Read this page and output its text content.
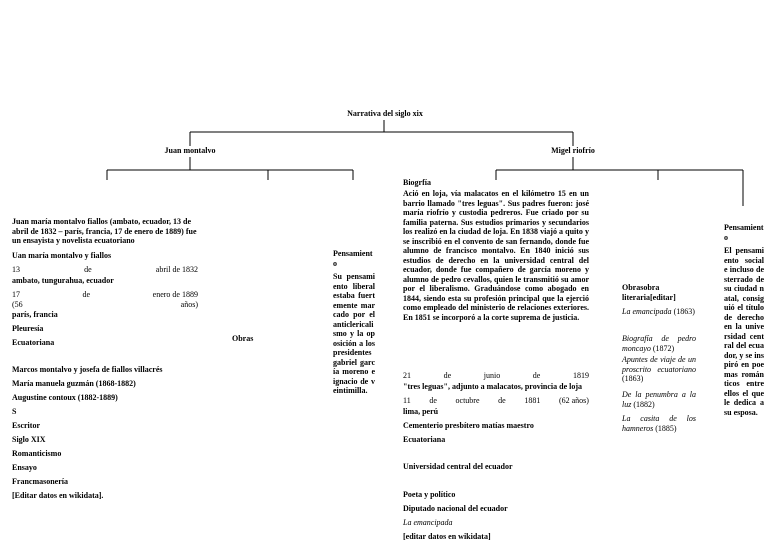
Narrativa del siglo xix
Juan montalvo	Migel riofrío
Juan maría montalvo fiallos (ambato, ecuador, 13 de abril de 1832 – parís, francia, 17 de enero de 1889) fue un ensayista y novelista ecuatoriano
Uan maría montalvo y fiallos
13	de	abril de 1832
ambato, tungurahua, ecuador
17	de	enero de 1889
(56	años)
parís, francia
Pleuresía
Ecuatoriana
Marcos montalvo y josefa de fiallos villacrés
María manuela guzmán (1868-1882)
Augustine contoux (1882-1889)
S
Escritor
Siglo XIX
Romanticismo
Ensayo
Francmasonería
[Editar datos en wikidata].
Obras
Pensamiento
Su pensamiento liberal estaba fuertemente marcado por el anticlericalismo y la oposición a los presidentes gabriel garcía moreno e ignacio de veintimilla.
Biogrfía
Ació en loja, vía malacatos en el kilómetro 15 en un barrio llamado "tres leguas". Sus padres fueron: josé maría riofrío y custodia pedreros. Fue criado por su familia paterna. Sus estudios primarios y secundarios los realizó en la ciudad de loja. En 1838 viajó a quito y se inscribió en el convento de san fernando, donde fue alumno de francisco montalvo. En 1840 inició sus estudios de derecho en la universidad central del ecuador, donde fue compañero de garcía moreno y alumno de pedro cevallos, quien le transmitió su amor por el liberalismo. Graduándose como abogado en 1844, siendo esta su profesión principal que la ejerció como empleado del ministerio de relaciones exteriores. En 1851 se incorporó a la corte suprema de justicia.
21	de	junio	de	1819
"tres leguas", adjunto a malacatos, provincia de loja
11 de octubre de 1881 (62 años)
lima, perú
Cementerio presbítero matías maestro
Ecuatoriana
Universidad central del ecuador
Poeta y político
Diputado nacional del ecuador
La emancipada
[editar datos en wikidata]
Obrasobra literaria[editar]
La emancipada (1863)
Biografía de pedro moncayo (1872)
Apuntes de viaje de un proscrito ecuatoriano (1863)
De la penumbra a la luz (1882)
La casita de los hamneros (1885)
Pensamiento
El pensamiento social e incluso desterrado de su ciudad natal, consiguió el título de derecho en la universidad central del ecuador, y se inspiró en poemas románticos entre ellos el que le dedica a su esposa.
